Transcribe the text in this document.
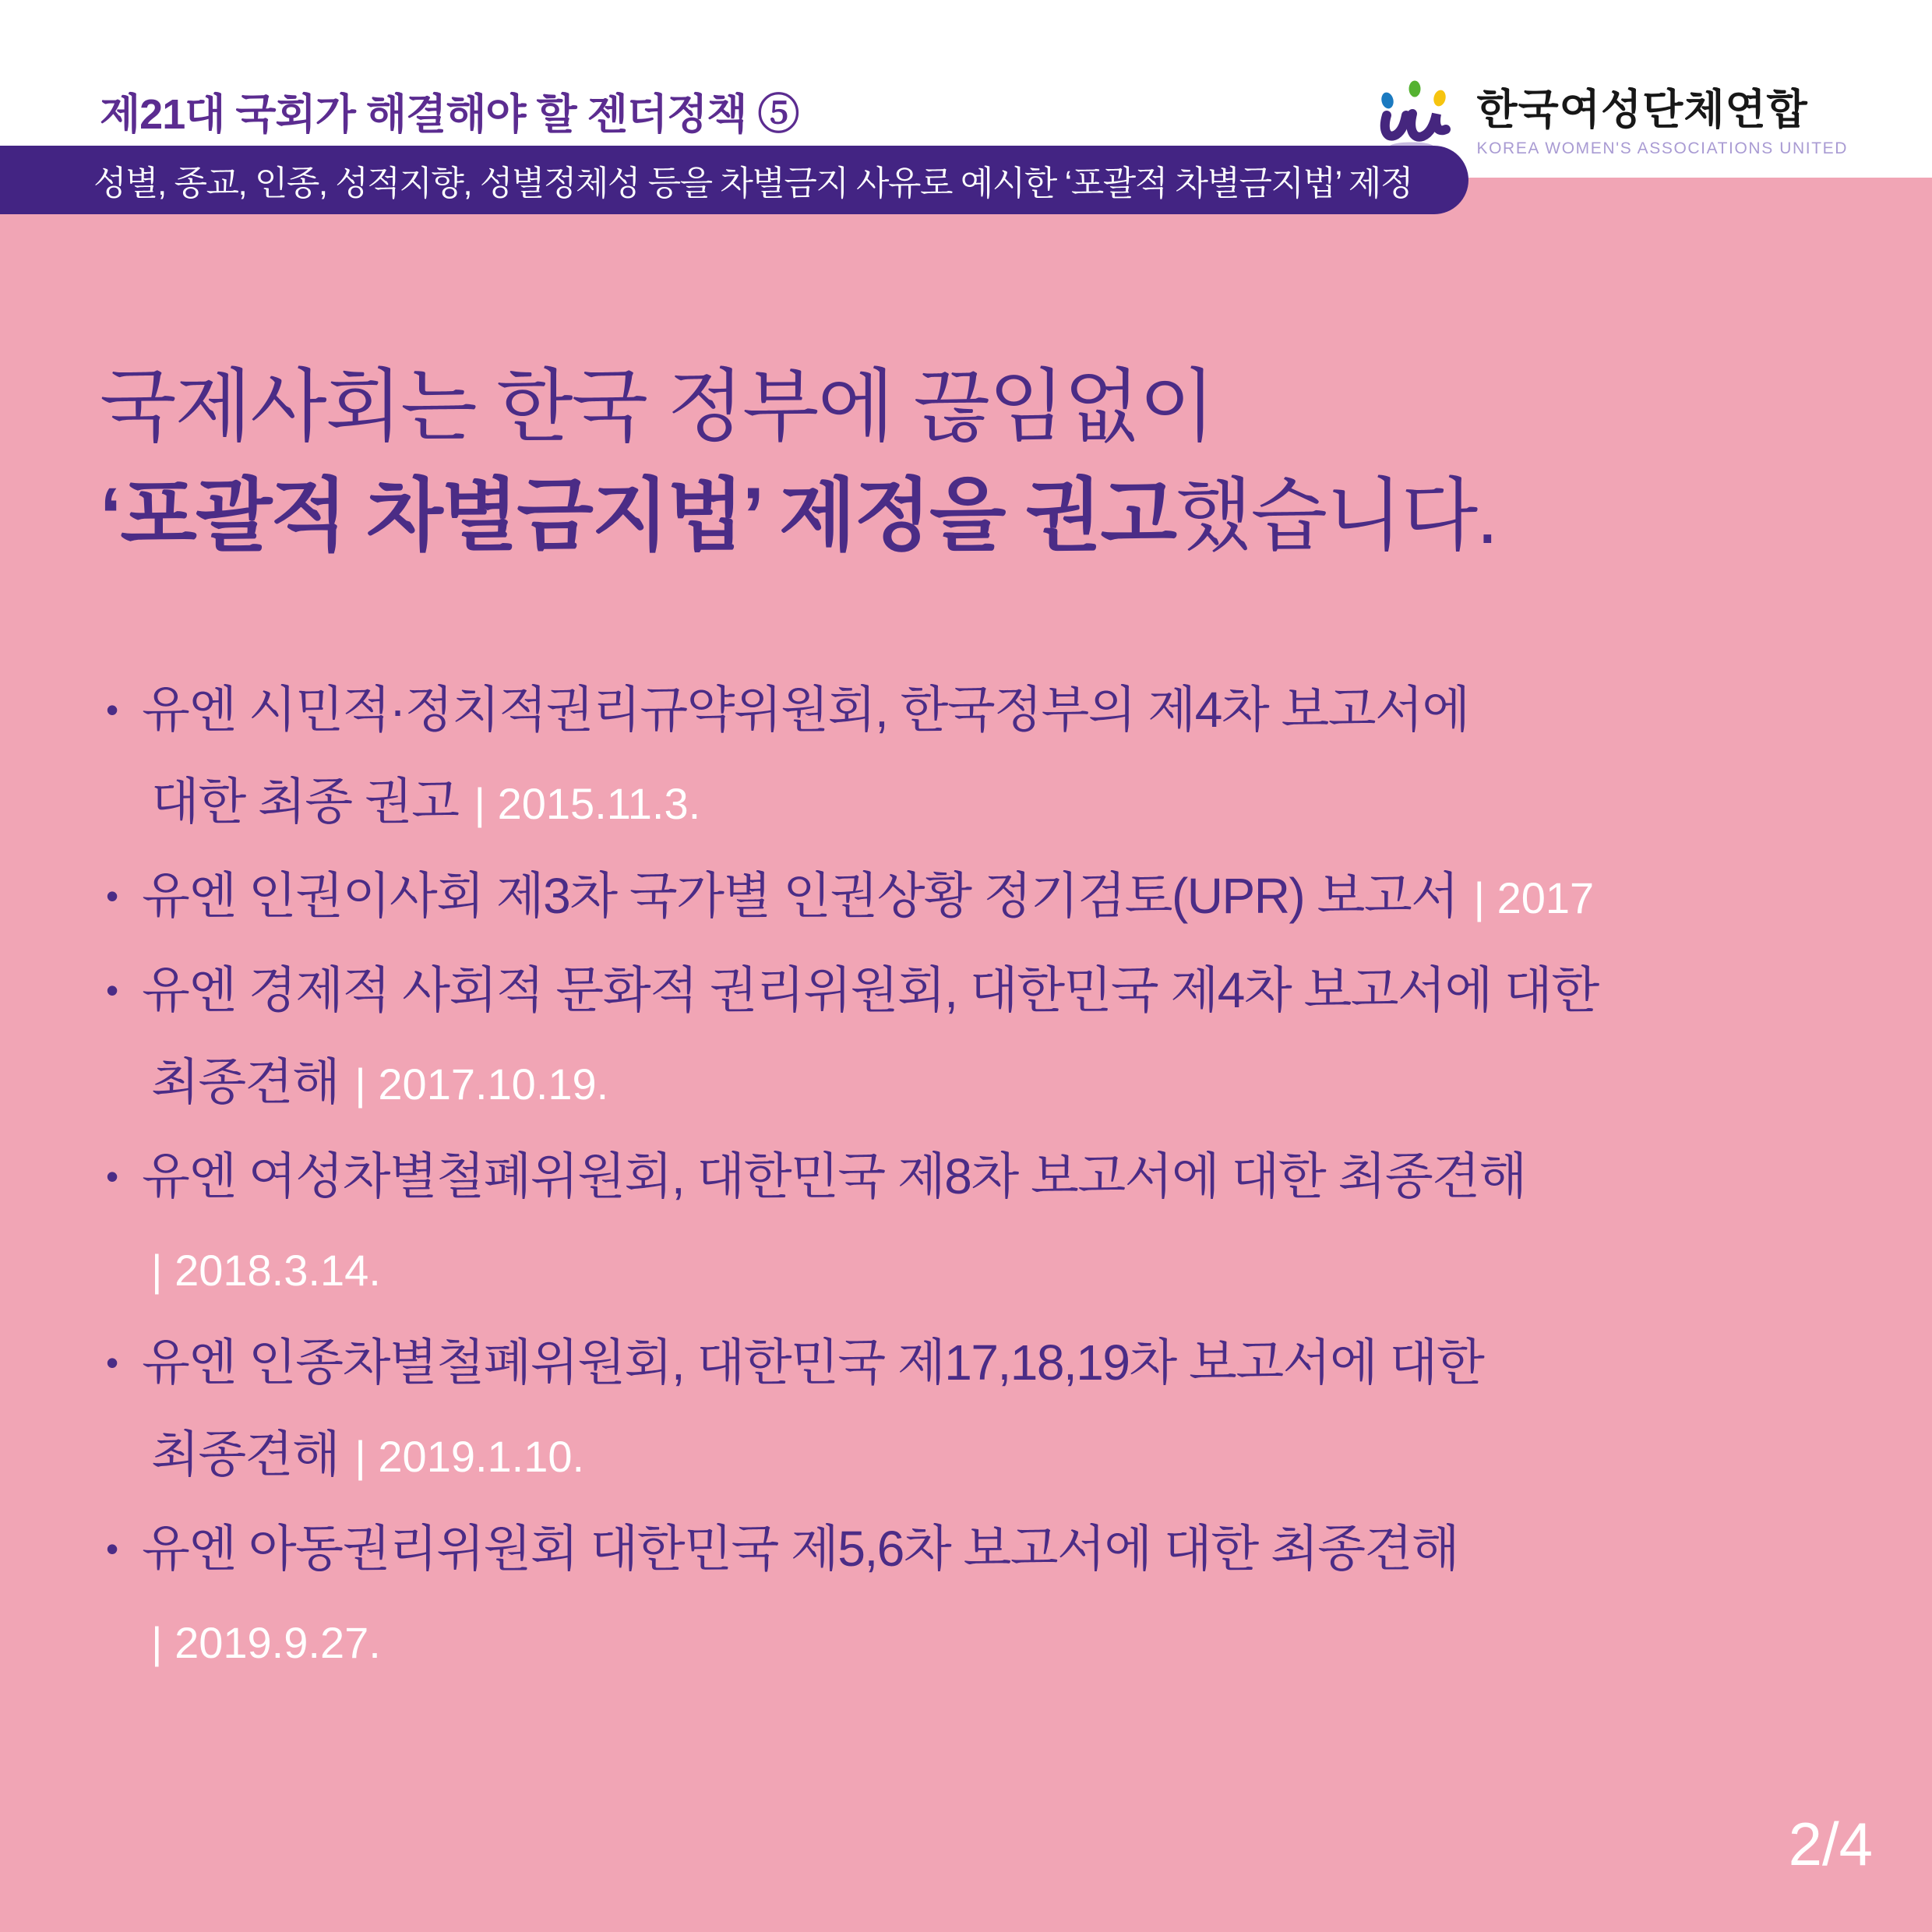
제21대 국회가 해결해야 할 젠더정책 ⑤	한국여성단체연합
KOREA WOMEN'S ASSOCIATIONS UNITED
성별, 종교, 인종, 성적지향, 성별정체성 등을 차별금지 사유로 예시한 ‘포괄적 차별금지법’ 제정
국제사회는 한국 정부에 끊임없이
‘포괄적 차별금지법’ 제정을 권고했습니다.
• 유엔 시민적·정치적권리규약위원회, 한국정부의 제4차 보고서에
대한 최종 권고 | 2015.11.3.
• 유엔 인권이사회 제3차 국가별 인권상황 정기검토(UPR) 보고서 | 2017
• 유엔 경제적 사회적 문화적 권리위원회, 대한민국 제4차 보고서에 대한
최종견해 | 2017.10.19.
• 유엔 여성차별철폐위원회, 대한민국 제8차 보고서에 대한 최종견해
| 2018.3.14.
• 유엔 인종차별철폐위원회, 대한민국 제17,18,19차 보고서에 대한
최종견해 | 2019.1.10.
• 유엔 아동권리위원회 대한민국 제5,6차 보고서에 대한 최종견해
| 2019.9.27.
2/4
